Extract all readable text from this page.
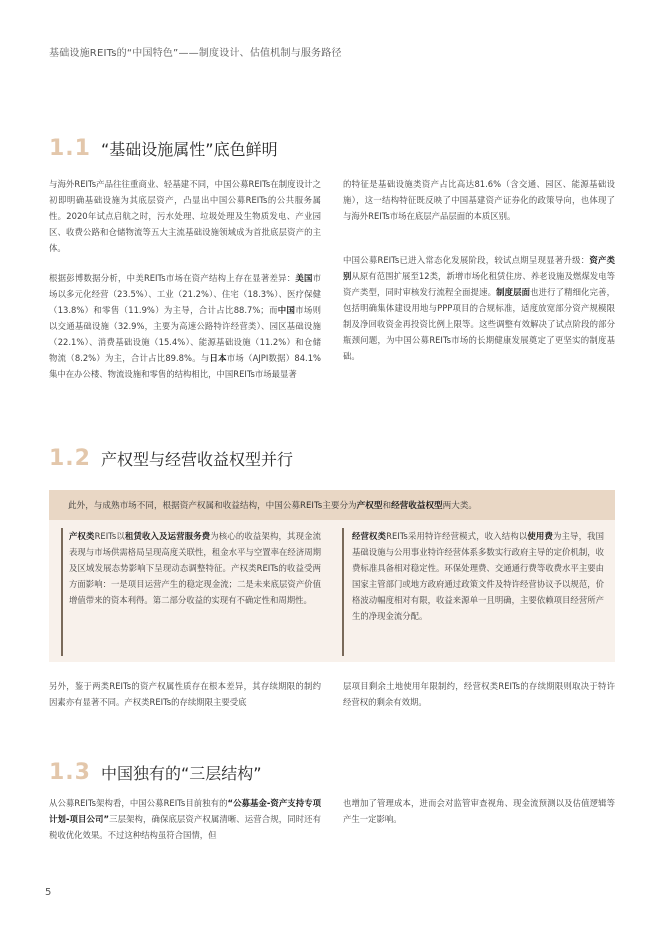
基础设施REITs的“中国特色”——制度设计、估值机制与服务路径
1.1 “基础设施属性”底色鲜明

与海外REITs产品往往重商业、轻基建不同，中国公募REITs在制度设计之初即明确基础设施为其底层资产，凸显出中国公募REITs的公共服务属性。2020年试点启航之时，污水处理、垃圾处理及生物质发电、产业园区、收费公路和仓储物流等五大主流基础设施领域成为首批底层资产的主体。

根据彭博数据分析，中美REITs市场在资产结构上存在显著差异：美国市场以多元化经营（23.5%）、工业（21.2%）、住宅（18.3%）、医疗保健（13.8%）和零售（11.9%）为主导，合计占比88.7%；而中国市场则以交通基础设施（32.9%，主要为高速公路特许经营类）、园区基础设施（22.1%）、消费基础设施（15.4%）、能源基础设施（11.2%）和仓储物流（8.2%）为主，合计占比89.8%。与日本市场（AJPI数据）84.1%集中在办公楼、物流设施和零售的结构相比，中国REITs市场最显著

的特征是基础设施类资产占比高达81.6%（含交通、园区、能源基础设施），这一结构特征既反映了中国基建资产证券化的政策导向，也体现了与海外REITs市场在底层产品层面的本质区别。

中国公募REITs已进入常态化发展阶段，较试点期呈现显著升级：资产类别从原有范围扩展至12类，新增市场化租赁住房、养老设施及燃煤发电等资产类型，同时审核发行流程全面提速。制度层面也进行了精细化完善，包括明确集体建设用地与PPP项目的合规标准，适度放宽部分资产规模限制及净回收资金再投资比例上限等。这些调整有效解决了试点阶段的部分瓶颈问题，为中国公募REITs市场的长期健康发展奠定了更坚实的制度基础。

1.2 产权型与经营收益权型并行
此外，与成熟市场不同，根据资产权属和收益结构，中国公募REITs主要分为产权型和经营收益权型两大类。

产权类REITs以租赁收入及运营服务费为核心的收益架构，其现金流表现与市场供需格局呈现高度关联性，租金水平与空置率在经济周期及区域发展态势影响下呈现动态调整特征。产权类REITs的收益受两方面影响：一是项目运营产生的稳定现金流；二是未来底层资产价值增值带来的资本利得。第二部分收益的实现有不确定性和周期性。

经营权类REITs采用特许经营模式，收入结构以使用费为主导，我国基础设施与公用事业特许经营体系多数实行政府主导的定价机制，收费标准具备相对稳定性。环保处理费、交通通行费等收费水平主要由国家主管部门或地方政府通过政策文件及特许经营协议予以规范，价格波动幅度相对有限，收益来源单一且明确，主要依赖项目经营所产生的净现金流分配。

另外，鉴于两类REITs的资产权属性质存在根本差异，其存续期限的制约因素亦有显著不同。产权类REITs的存续期限主要受底

层项目剩余土地使用年限制约，经营权类REITs的存续期限则取决于特许经营权的剩余有效期。

1.3 中国独有的“三层结构”

从公募REITs架构看，中国公募REITs目前独有的“公募基金-资产支持专项计划-项目公司”三层架构，确保底层资产权属清晰、运营合规，同时还有税收优化效果。不过这种结构虽符合国情，但

也增加了管理成本，进而会对监管审查视角、现金流预测以及估值逻辑等产生一定影响。

5
